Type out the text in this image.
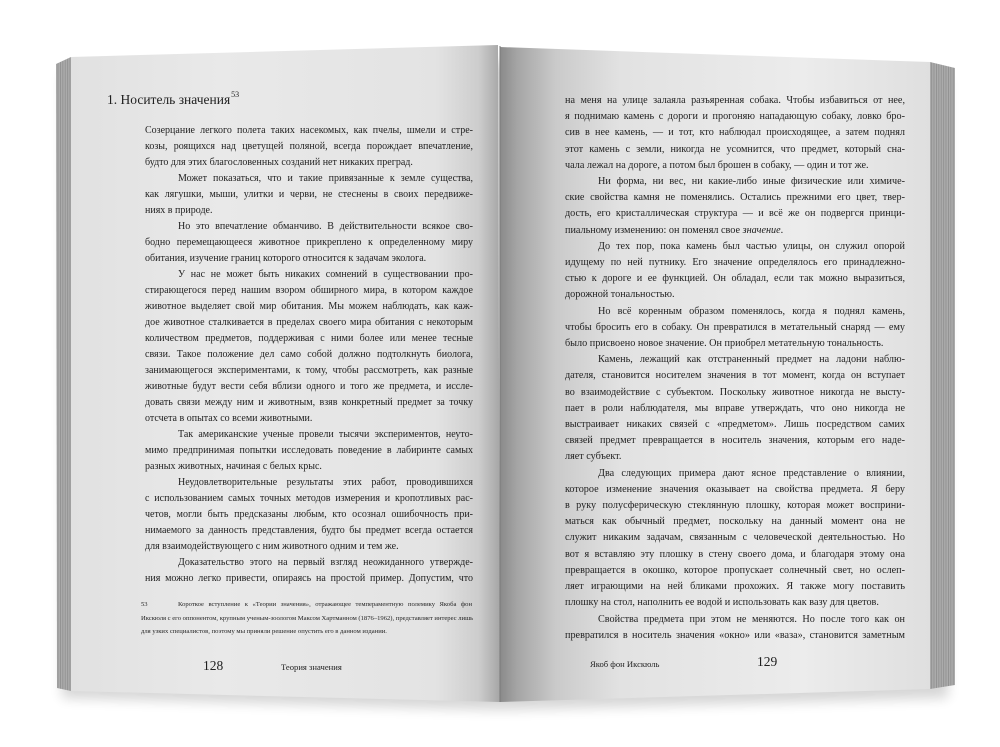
1. Носитель значения$^{53}$
Созерцание легкого полета таких насекомых, как пчелы, шмели и стре-
козы, роящихся над цветущей поляной, всегда порождает впечатление,
будто для этих благословенных созданий нет никаких преград.
Может показаться, что и такие привязанные к земле существа,
как лягушки, мыши, улитки и черви, не стеснены в своих передвиже-
ниях в природе.
Но это впечатление обманчиво. В действительности всякое сво-
бодно перемещающееся животное прикреплено к определенному миру
обитания, изучение границ которого относится к задачам эколога.
У нас не может быть никаких сомнений в существовании про-
стирающегося перед нашим взором обширного мира, в котором каждое
животное выделяет свой мир обитания. Мы можем наблюдать, как каж-
дое животное сталкивается в пределах своего мира обитания с некоторым
количеством предметов, поддерживая с ними более или менее тесные
связи. Такое положение дел само собой должно подтолкнуть биолога,
занимающегося экспериментами, к тому, чтобы рассмотреть, как разные
животные будут вести себя вблизи одного и того же предмета, и иссле-
довать связи между ним и животным, взяв конкретный предмет за точку
отсчета в опытах со всеми животными.
Так американские ученые провели тысячи экспериментов, неуто-
мимо предпринимая попытки исследовать поведение в лабиринте самых
разных животных, начиная с белых крыс.
Неудовлетворительные результаты этих работ, проводившихся
с использованием самых точных методов измерения и кропотливых рас-
четов, могли быть предсказаны любым, кто осознал ошибочность при-
нимаемого за данность представления, будто бы предмет всегда остается
для взаимодействующего с ним животного одним и тем же.
Доказательство этого на первый взгляд неожиданного утвержде-
ния можно легко привести, опираясь на простой пример. Допустим, что
53	Короткое вступление к «Теории значения», отражающее темпераментную полемику Якоба фон
Икскюля с его оппонентом, крупным ученым-зоологом Максом Хартманном (1876–1962), представляет интерес лишь
для узких специалистов, поэтому мы приняли решение опустить его в данном издании.
128	Теория значения
на меня на улице залаяла разъяренная собака. Чтобы избавиться от нее,
я поднимаю камень с дороги и прогоняю нападающую собаку, ловко бро-
сив в нее камень, — и тот, кто наблюдал происходящее, а затем поднял
этот камень с земли, никогда не усомнится, что предмет, который сна-
чала лежал на дороге, а потом был брошен в собаку, — один и тот же.
Ни форма, ни вес, ни какие-либо иные физические или химиче-
ские свойства камня не поменялись. Остались прежними его цвет, твер-
дость, его кристаллическая структура — и всё же он подвергся принци-
пиальному изменению: он поменял свое значение.
До тех пор, пока камень был частью улицы, он служил опорой
идущему по ней путнику. Его значение определялось его принадлежно-
стью к дороге и ее функцией. Он обладал, если так можно выразиться,
дорожной тональностью.
Но всё коренным образом поменялось, когда я поднял камень,
чтобы бросить его в собаку. Он превратился в метательный снаряд — ему
было присвоено новое значение. Он приобрел метательную тональность.
Камень, лежащий как отстраненный предмет на ладони наблю-
дателя, становится носителем значения в тот момент, когда он вступает
во взаимодействие с субъектом. Поскольку животное никогда не высту-
пает в роли наблюдателя, мы вправе утверждать, что оно никогда не
выстраивает никаких связей с «предметом». Лишь посредством самих
связей предмет превращается в носитель значения, которым его наде-
ляет субъект.
Два следующих примера дают ясное представление о влиянии,
которое изменение значения оказывает на свойства предмета. Я беру
в руку полусферическую стеклянную плошку, которая может восприни-
маться как обычный предмет, поскольку на данный момент она не
служит никаким задачам, связанным с человеческой деятельностью. Но
вот я вставляю эту плошку в стену своего дома, и благодаря этому она
превращается в окошко, которое пропускает солнечный свет, но ослеп-
ляет играющими на ней бликами прохожих. Я также могу поставить
плошку на стол, наполнить ее водой и использовать как вазу для цветов.
Свойства предмета при этом не меняются. Но после того как он
превратился в носитель значения «окно» или «ваза», становится заметным
Якоб фон Икскюль	129
